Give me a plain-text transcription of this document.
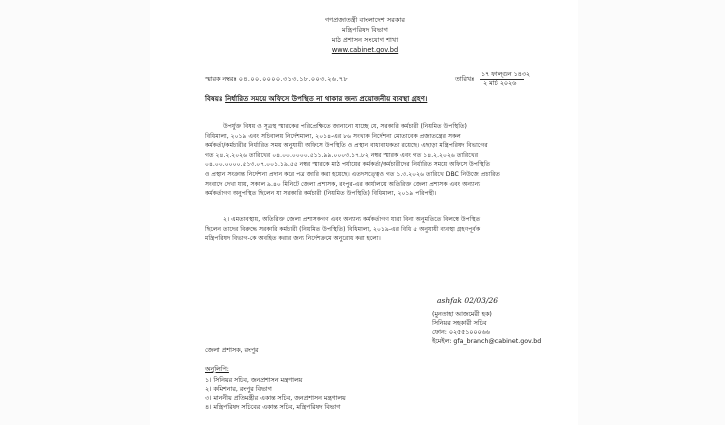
গণপ্রজাতন্ত্রী বাংলাদেশ সরকার
মন্ত্রিপরিষদ বিভাগ
মাঠ প্রশাসন সংযোগ শাখা
www.cabinet.gov.bd
স্মারক নম্বরঃ ০৪.০০.০০০০.৩১৩.১৮.০০৩.২৬.৭৮	তারিখঃ
১৭ ফাল্গুন ১৪৩২
২ মার্চ ২০২৬
বিষয়ঃ নির্ধারিত সময়ে অফিসে উপস্থিত না থাকার জন্য প্রয়োজনীয় ব্যবস্থা গ্রহণ।
উপর্যুক্ত বিষয় ও সূত্রস্থ স্মারকের পরিপ্রেক্ষিতে জানানো যাচ্ছে যে, সরকারি কর্মচারী (নিয়মিত উপস্থিতি)
বিধিমালা, ২০১৯ এবং সচিবালয় নির্দেশমালা, ২০১৪-এর ৮৬ সংখ্যক নির্দেশনা মোতাবেক প্রজাতন্ত্রের সকল
কর্মকর্তা/কর্মচারীর নির্ধারিত সময় অনুযায়ী অফিসে উপস্থিতি ও প্রস্থান বাধ্যবাধকতা রয়েছে। এছাড়া মন্ত্রিপরিষদ বিভাগের
গত ২৪.২.২০২৬ তারিখের ০৪.০০.০০০০.৫১১.৯৯.০০০৩.১৭.৮২ নম্বর স্মারক এবং গত ১৪.২.২০২৬ তারিখের
০৪.০০.০০০০.৫১৩.০৭.০০১.১৯.৫৫ নম্বর স্মারকে মাঠ পর্যায়ের কর্মকর্তা/কর্মচারীদের নির্ধারিত সময়ে অফিসে উপস্থিতি
ও প্রস্থান সংক্রান্ত নির্দেশনা প্রদান করে পত্র জারি করা হয়েছে। এতদসত্ত্বেও গত ১.৩.২০২৬ তারিখে DBC নিউজে প্রচারিত
সংবাদে দেখা যায়, সকাল ৯.৪০ মিনিটে জেলা প্রশাসক, রংপুর-এর কার্যালয়ে অতিরিক্ত জেলা প্রশাসক এবং অন্যান্য
কর্মকর্তাগণ অনুপস্থিত ছিলেন যা সরকারি কর্মচারী (নিয়মিত উপস্থিতি) বিধিমালা, ২০১৯ পরিপন্থী।
২। এমতাবস্থায়, অতিরিক্ত জেলা প্রশাসকগণ এবং অন্যান্য কর্মকর্তাগণ যারা বিনা অনুমতিতে বিলম্বে উপস্থিত
ছিলেন তাদের বিরুদ্ধে সরকারি কর্মচারী (নিয়মিত উপস্থিতি) বিধিমালা, ২০১৯-এর বিধি ৫ অনুযায়ী ব্যবস্থা গ্রহণপূর্বক
মন্ত্রিপরিষদ বিভাগ-কে অবহিত করার জন্য নির্দেশক্রমে অনুরোধ করা হলো।
ashfak 02/03/26
(মুনতাহা আজমেরী হক)
সিনিয়র সহকারী সচিব
ফোন: ০২৫৫১০০০৬৬
ইমেইল: gfa_branch@cabinet.gov.bd
জেলা প্রশাসক, রংপুর
অনুলিপি:
১। সিনিয়র সচিব, জনপ্রশাসন মন্ত্রণালয়
২। কমিশনার, রংপুর বিভাগ
৩। মাননীয় প্রতিমন্ত্রীর একান্ত সচিব, জনপ্রশাসন মন্ত্রণালয়
৪। মন্ত্রিপরিষদ সচিবের একান্ত সচিব, মন্ত্রিপরিষদ বিভাগ
